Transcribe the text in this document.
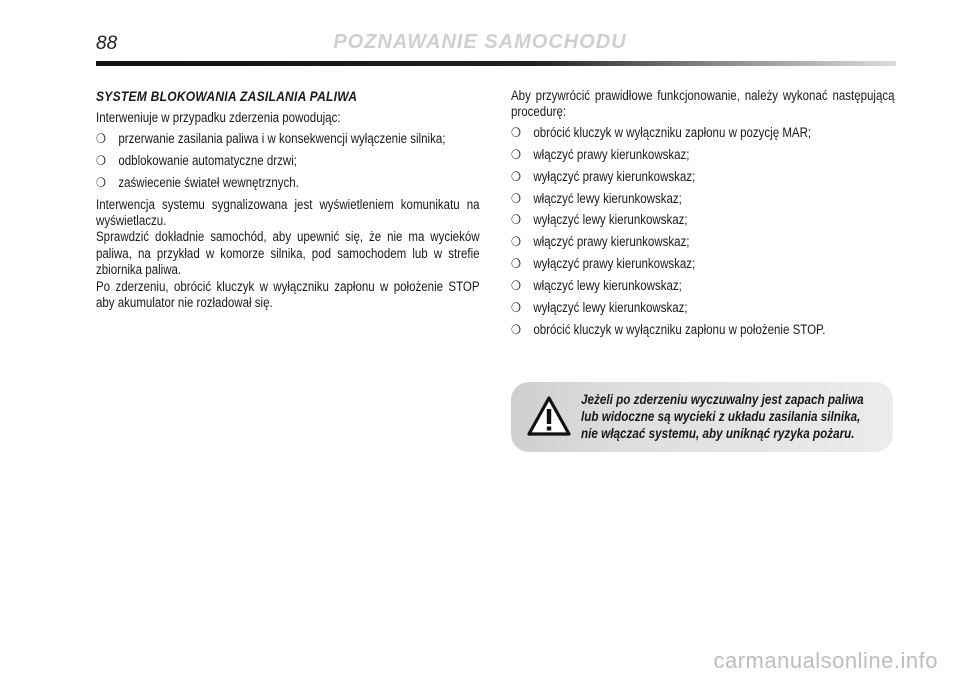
88	POZNAWANIE SAMOCHODU
SYSTEM BLOKOWANIA ZASILANIA PALIWA

Interweniuje w przypadku zderzenia powodując:

❍ przerwanie zasilania paliwa i w konsekwencji wyłączenie silnika;
❍ odblokowanie automatyczne drzwi;
❍ zaświecenie świateł wewnętrznych.

Interwencja systemu sygnalizowana jest wyświetleniem komunikatu na wyświetlaczu.

Sprawdzić dokładnie samochód, aby upewnić się, że nie ma wycieków paliwa, na przykład w komorze silnika, pod samochodem lub w strefie zbiornika paliwa.

Po zderzeniu, obrócić kluczyk w wyłączniku zapłonu w położenie STOP aby akumulator nie rozładował się.

Aby przywrócić prawidłowe funkcjonowanie, należy wykonać następującą procedurę:

❍ obrócić kluczyk w wyłączniku zapłonu w pozycję MAR;
❍ włączyć prawy kierunkowskaz;
❍ wyłączyć prawy kierunkowskaz;
❍ włączyć lewy kierunkowskaz;
❍ wyłączyć lewy kierunkowskaz;
❍ włączyć prawy kierunkowskaz;
❍ wyłączyć prawy kierunkowskaz;
❍ włączyć lewy kierunkowskaz;
❍ wyłączyć lewy kierunkowskaz;
❍ obrócić kluczyk w wyłączniku zapłonu w położenie STOP.
Jeżeli po zderzeniu wyczuwalny jest zapach paliwa lub widoczne są wycieki z układu zasilania silnika, nie włączać systemu, aby uniknąć ryzyka pożaru.
carmanualsonline.info
